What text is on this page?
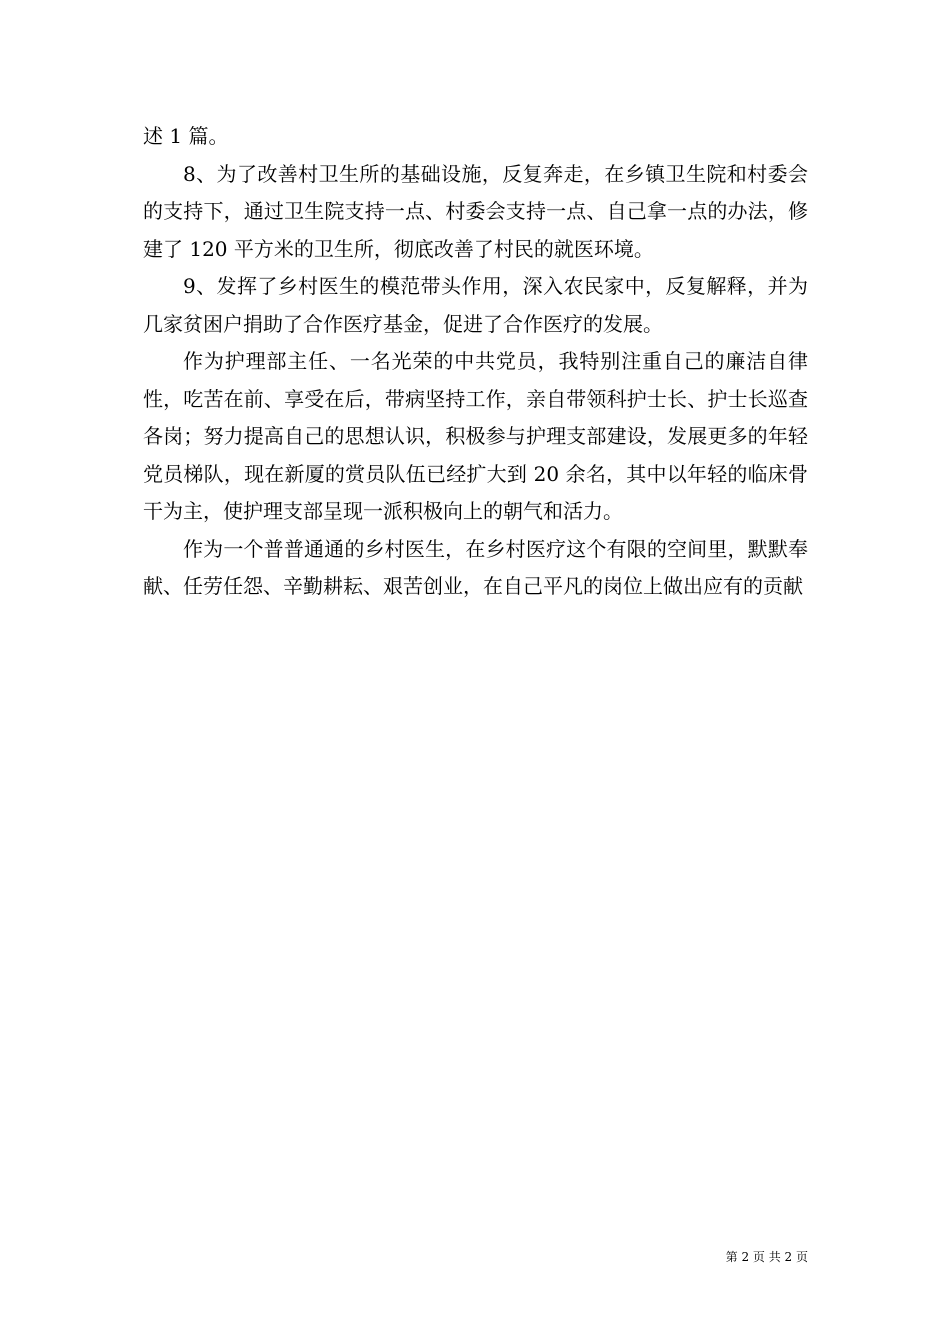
述 1 篇。

8、为了改善村卫生所的基础设施，反复奔走，在乡镇卫生院和村委会的支持下，通过卫生院支持一点、村委会支持一点、自己拿一点的办法，修建了 120 平方米的卫生所，彻底改善了村民的就医环境。

9、发挥了乡村医生的模范带头作用，深入农民家中，反复解释，并为几家贫困户捐助了合作医疗基金，促进了合作医疗的发展。

作为护理部主任、一名光荣的中共党员，我特别注重自己的廉洁自律性，吃苦在前、享受在后，带病坚持工作，亲自带领科护士长、护士长巡查各岗；努力提高自己的思想认识，积极参与护理支部建设，发展更多的年轻党员梯队，现在新厦的赏员队伍已经扩大到 20 余名，其中以年轻的临床骨干为主，使护理支部呈现一派积极向上的朝气和活力。

作为一个普普通通的乡村医生，在乡村医疗这个有限的空间里，默默奉献、任劳任怨、辛勤耕耘、艰苦创业，在自己平凡的岗位上做出应有的贡献

第 2 页 共 2 页
